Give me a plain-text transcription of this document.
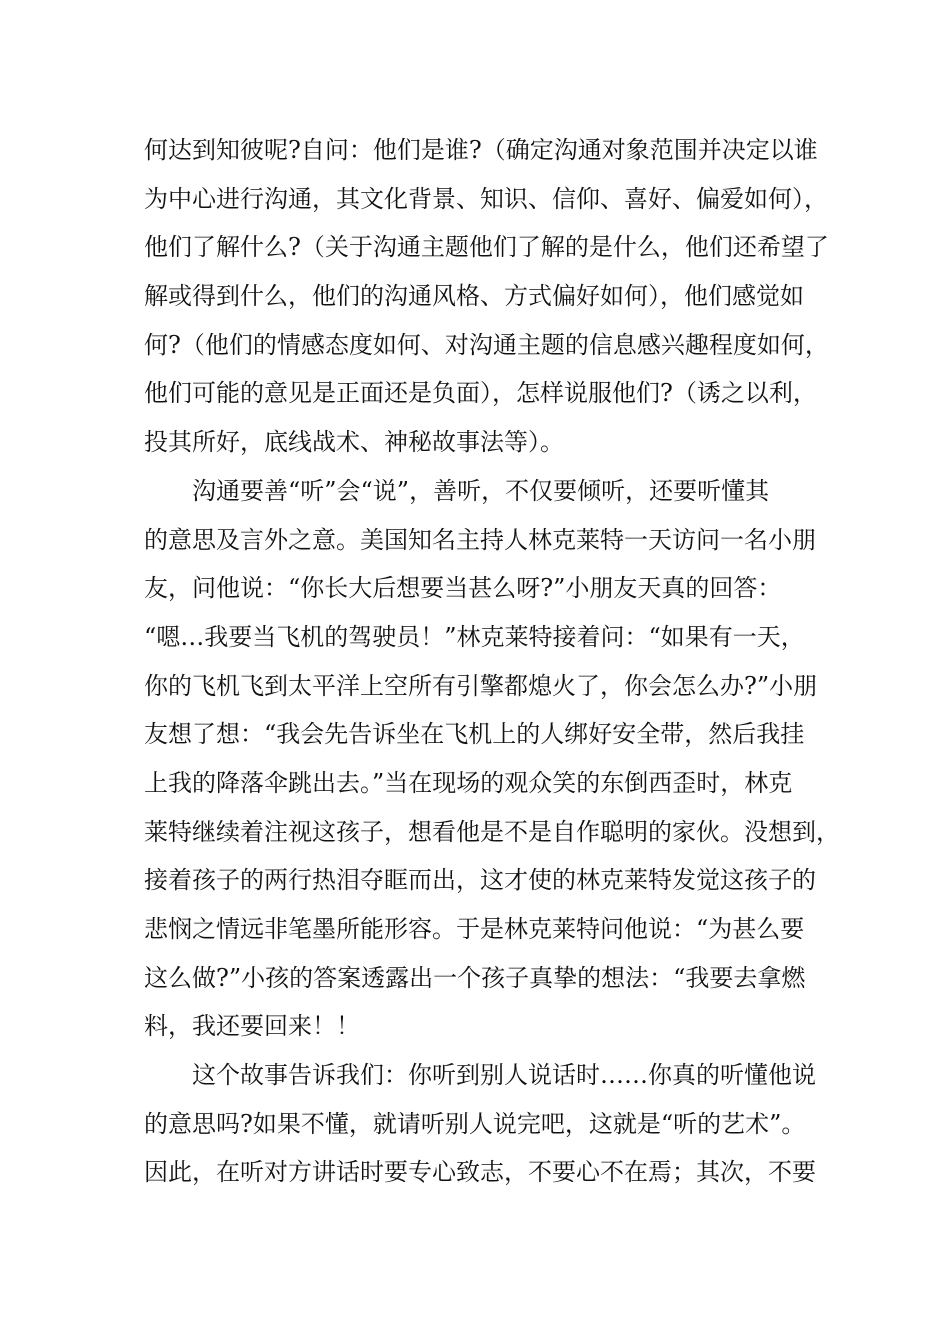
何达到知彼呢?自问：他们是谁?（确定沟通对象范围并决定以谁
为中心进行沟通，其文化背景、知识、信仰、喜好、偏爱如何），
他们了解什么?（关于沟通主题他们了解的是什么，他们还希望了
解或得到什么，他们的沟通风格、方式偏好如何），他们感觉如
何?（他们的情感态度如何、对沟通主题的信息感兴趣程度如何，
他们可能的意见是正面还是负面），怎样说服他们?（诱之以利，
投其所好，底线战术、神秘故事法等）。
沟通要善“听”会“说”，善听，不仅要倾听，还要听懂其
的意思及言外之意。美国知名主持人林克莱特一天访问一名小朋
友，问他说：“你长大后想要当甚么呀?”小朋友天真的回答：
“嗯…我要当飞机的驾驶员！”林克莱特接着问：“如果有一天，
你的飞机飞到太平洋上空所有引擎都熄火了，你会怎么办?”小朋
友想了想：“我会先告诉坐在飞机上的人绑好安全带，然后我挂
上我的降落伞跳出去。”当在现场的观众笑的东倒西歪时，林克
莱特继续着注视这孩子，想看他是不是自作聪明的家伙。没想到，
接着孩子的两行热泪夺眶而出，这才使的林克莱特发觉这孩子的
悲悯之情远非笔墨所能形容。于是林克莱特问他说：“为甚么要
这么做?”小孩的答案透露出一个孩子真挚的想法：“我要去拿燃
料，我还要回来！！
这个故事告诉我们：你听到别人说话时……你真的听懂他说
的意思吗?如果不懂，就请听别人说完吧，这就是“听的艺术”。
因此，在听对方讲话时要专心致志，不要心不在焉；其次，不要
